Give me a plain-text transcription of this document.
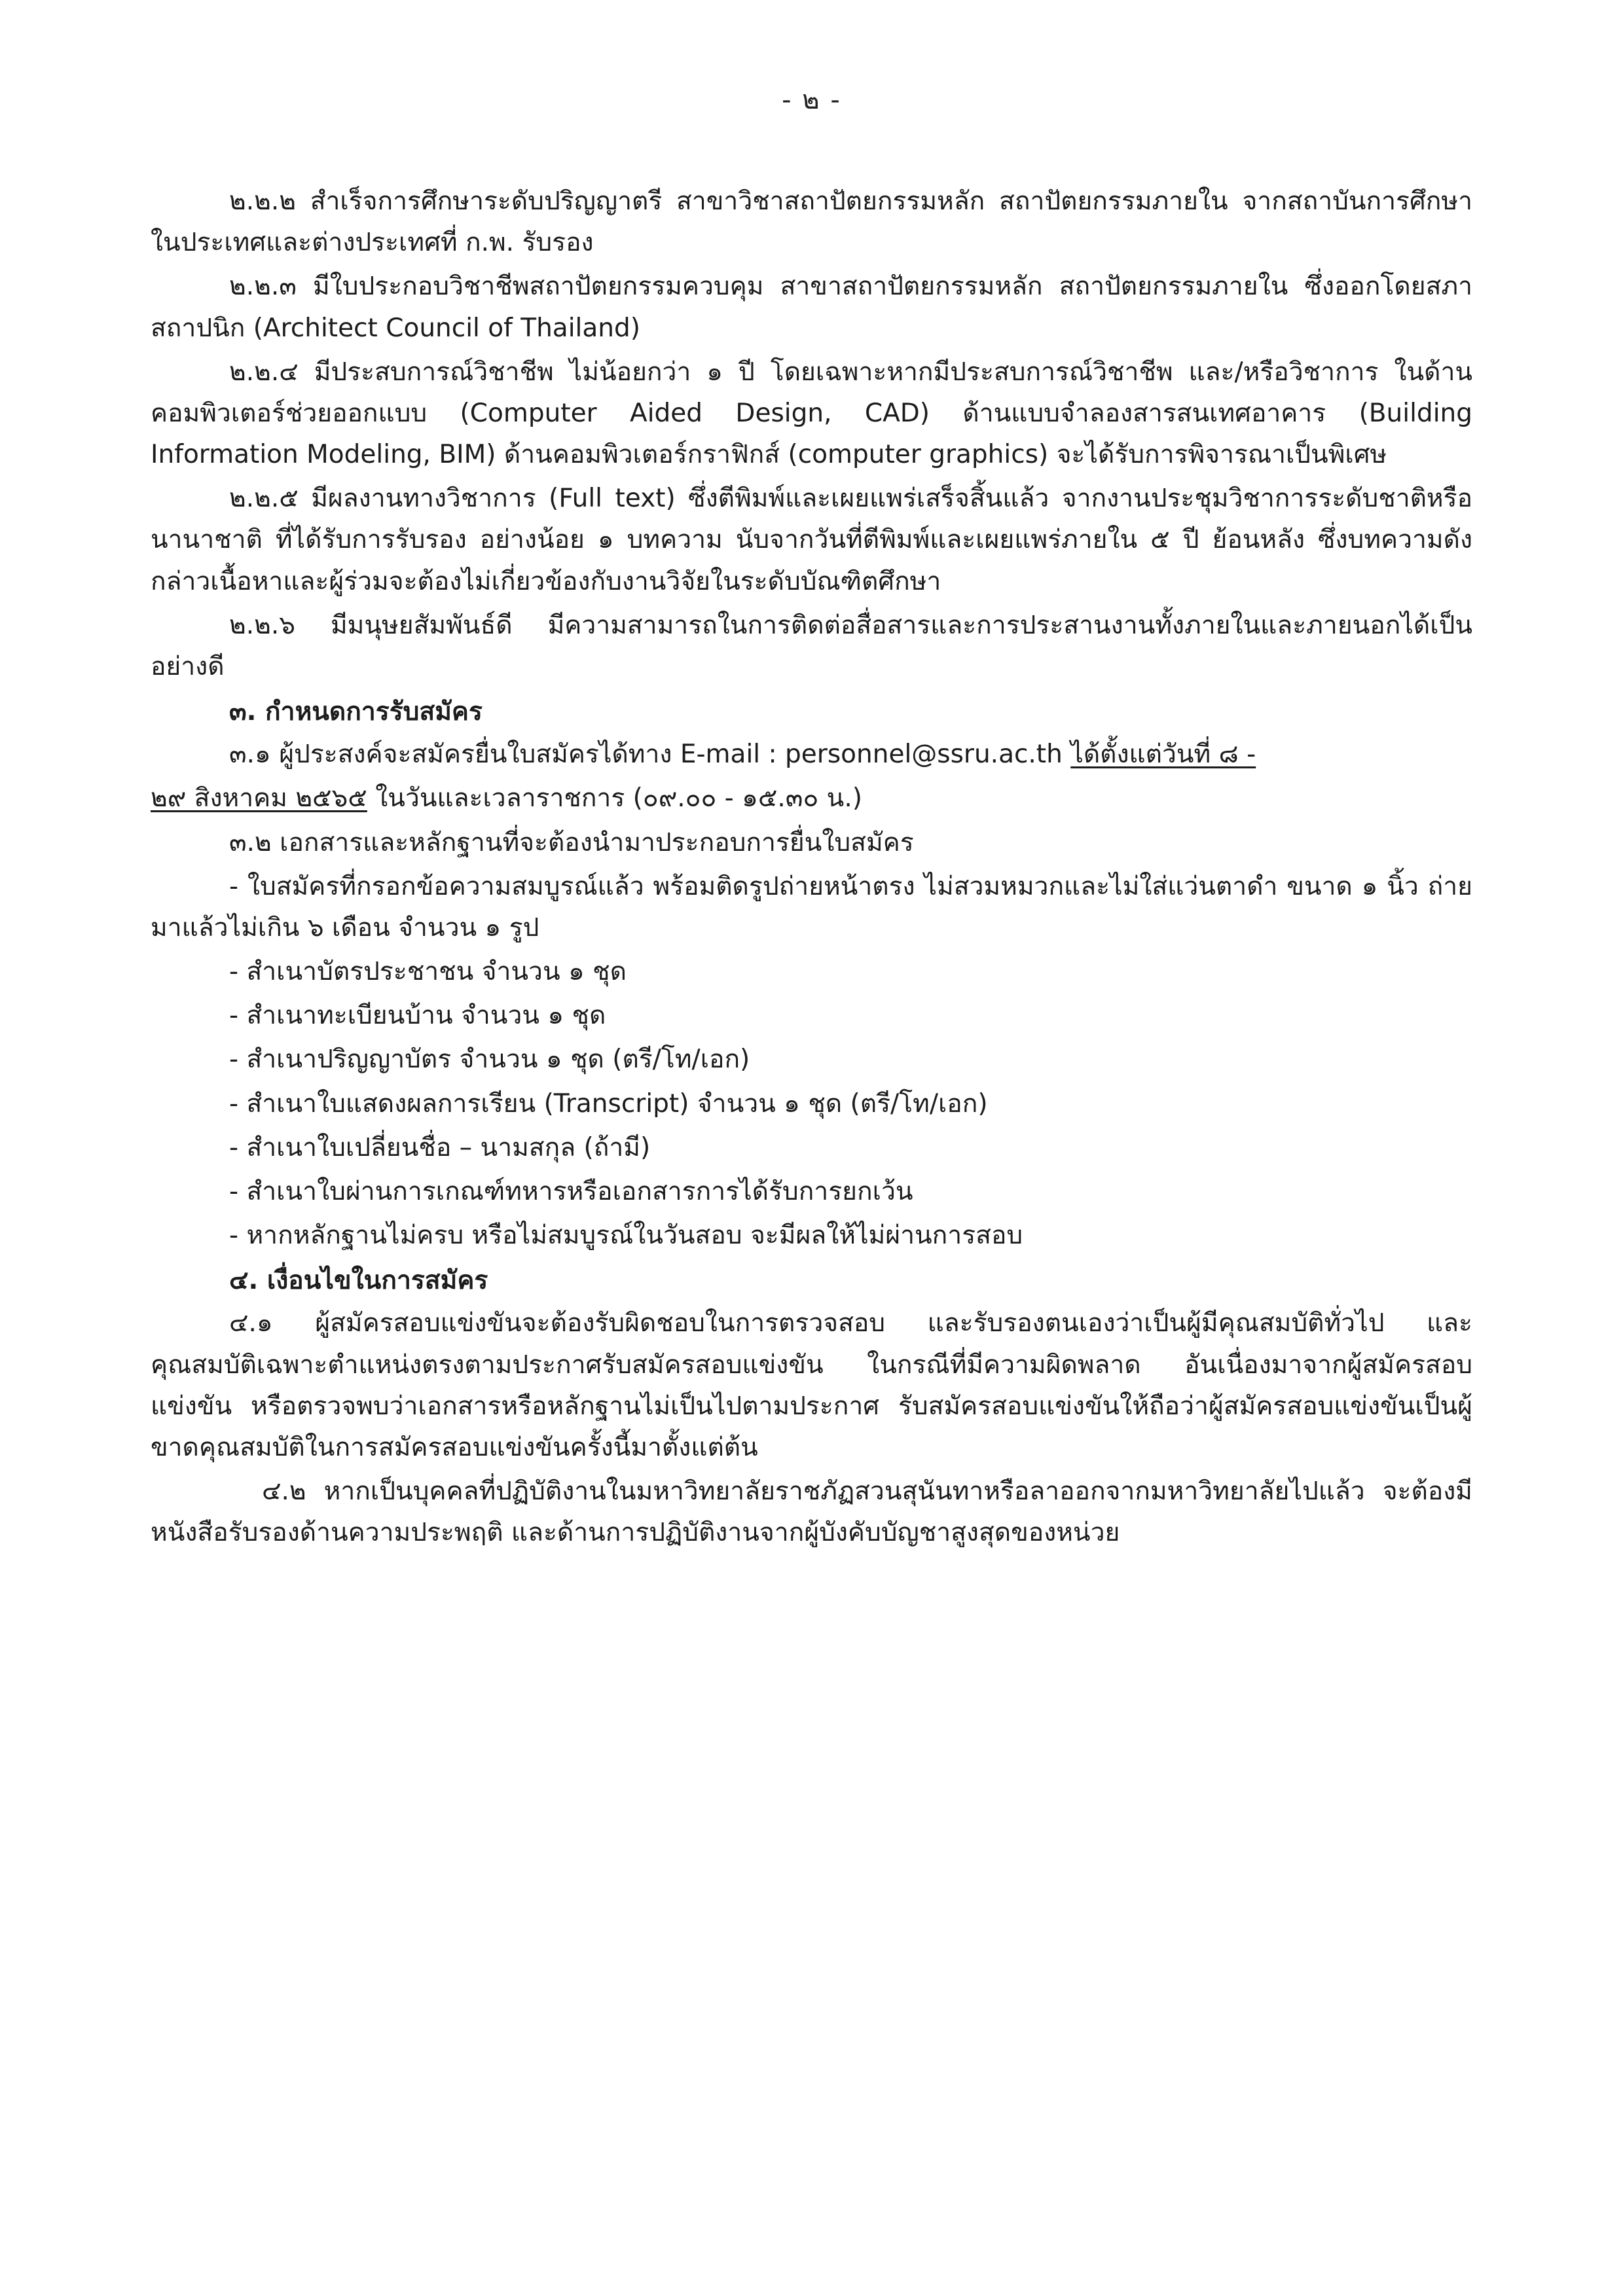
- ๒ -

๒.๒.๒ สำเร็จการศึกษาระดับปริญญาตรี สาขาวิชาสถาปัตยกรรมหลัก สถาปัตยกรรมภายใน จากสถาบันการศึกษาในประเทศและต่างประเทศที่ ก.พ. รับรอง

๒.๒.๓ มีใบประกอบวิชาชีพสถาปัตยกรรมควบคุม สาขาสถาปัตยกรรมหลัก สถาปัตยกรรมภายใน ซึ่งออกโดยสภาสถาปนิก (Architect Council of Thailand)

๒.๒.๔ มีประสบการณ์วิชาชีพ ไม่น้อยกว่า ๑ ปี โดยเฉพาะหากมีประสบการณ์วิชาชีพ และ/หรือวิชาการ ในด้านคอมพิวเตอร์ช่วยออกแบบ (Computer Aided Design, CAD) ด้านแบบจำลองสารสนเทศอาคาร (Building Information Modeling, BIM) ด้านคอมพิวเตอร์กราฟิกส์ (computer graphics) จะได้รับการพิจารณาเป็นพิเศษ

๒.๒.๕ มีผลงานทางวิชาการ (Full text) ซึ่งตีพิมพ์และเผยแพร่เสร็จสิ้นแล้ว จากงานประชุมวิชาการระดับชาติหรือนานาชาติ ที่ได้รับการรับรอง อย่างน้อย ๑ บทความ นับจากวันที่ตีพิมพ์และเผยแพร่ภายใน ๕ ปี ย้อนหลัง ซึ่งบทความดังกล่าวเนื้อหาและผู้ร่วมจะต้องไม่เกี่ยวข้องกับงานวิจัยในระดับบัณฑิตศึกษา

๒.๒.๖ มีมนุษยสัมพันธ์ดี มีความสามารถในการติดต่อสื่อสารและการประสานงานทั้งภายในและภายนอกได้เป็นอย่างดี

๓. กำหนดการรับสมัคร

๓.๑ ผู้ประสงค์จะสมัครยื่นใบสมัครได้ทาง E-mail : personnel@ssru.ac.th ได้ตั้งแต่วันที่ ๘ -

๒๙ สิงหาคม ๒๕๖๕ ในวันและเวลาราชการ (๐๙.๐๐ - ๑๕.๓๐ น.)

๓.๒ เอกสารและหลักฐานที่จะต้องนำมาประกอบการยื่นใบสมัคร

- ใบสมัครที่กรอกข้อความสมบูรณ์แล้ว พร้อมติดรูปถ่ายหน้าตรง ไม่สวมหมวกและไม่ใส่แว่นตาดำ ขนาด ๑ นิ้ว ถ่ายมาแล้วไม่เกิน ๖ เดือน จำนวน ๑ รูป

- สำเนาบัตรประชาชน จำนวน ๑ ชุด

- สำเนาทะเบียนบ้าน จำนวน ๑ ชุด

- สำเนาปริญญาบัตร จำนวน ๑ ชุด (ตรี/โท/เอก)

- สำเนาใบแสดงผลการเรียน (Transcript) จำนวน ๑ ชุด (ตรี/โท/เอก)

- สำเนาใบเปลี่ยนชื่อ – นามสกุล (ถ้ามี)

- สำเนาใบผ่านการเกณฑ์ทหารหรือเอกสารการได้รับการยกเว้น

- หากหลักฐานไม่ครบ หรือไม่สมบูรณ์ในวันสอบ จะมีผลให้ไม่ผ่านการสอบ

๔. เงื่อนไขในการสมัคร

๔.๑ ผู้สมัครสอบแข่งขันจะต้องรับผิดชอบในการตรวจสอบ และรับรองตนเองว่าเป็นผู้มีคุณสมบัติทั่วไป และคุณสมบัติเฉพาะตำแหน่งตรงตามประกาศรับสมัครสอบแข่งขัน ในกรณีที่มีความผิดพลาด อันเนื่องมาจากผู้สมัครสอบแข่งขัน หรือตรวจพบว่าเอกสารหรือหลักฐานไม่เป็นไปตามประกาศ รับสมัครสอบแข่งขันให้ถือว่าผู้สมัครสอบแข่งขันเป็นผู้ขาดคุณสมบัติในการสมัครสอบแข่งขันครั้งนี้มาตั้งแต่ต้น

๔.๒ หากเป็นบุคคลที่ปฏิบัติงานในมหาวิทยาลัยราชภัฏสวนสุนันทาหรือลาออกจากมหาวิทยาลัยไปแล้ว จะต้องมีหนังสือรับรองด้านความประพฤติ และด้านการปฏิบัติงานจากผู้บังคับบัญชาสูงสุดของหน่วย
